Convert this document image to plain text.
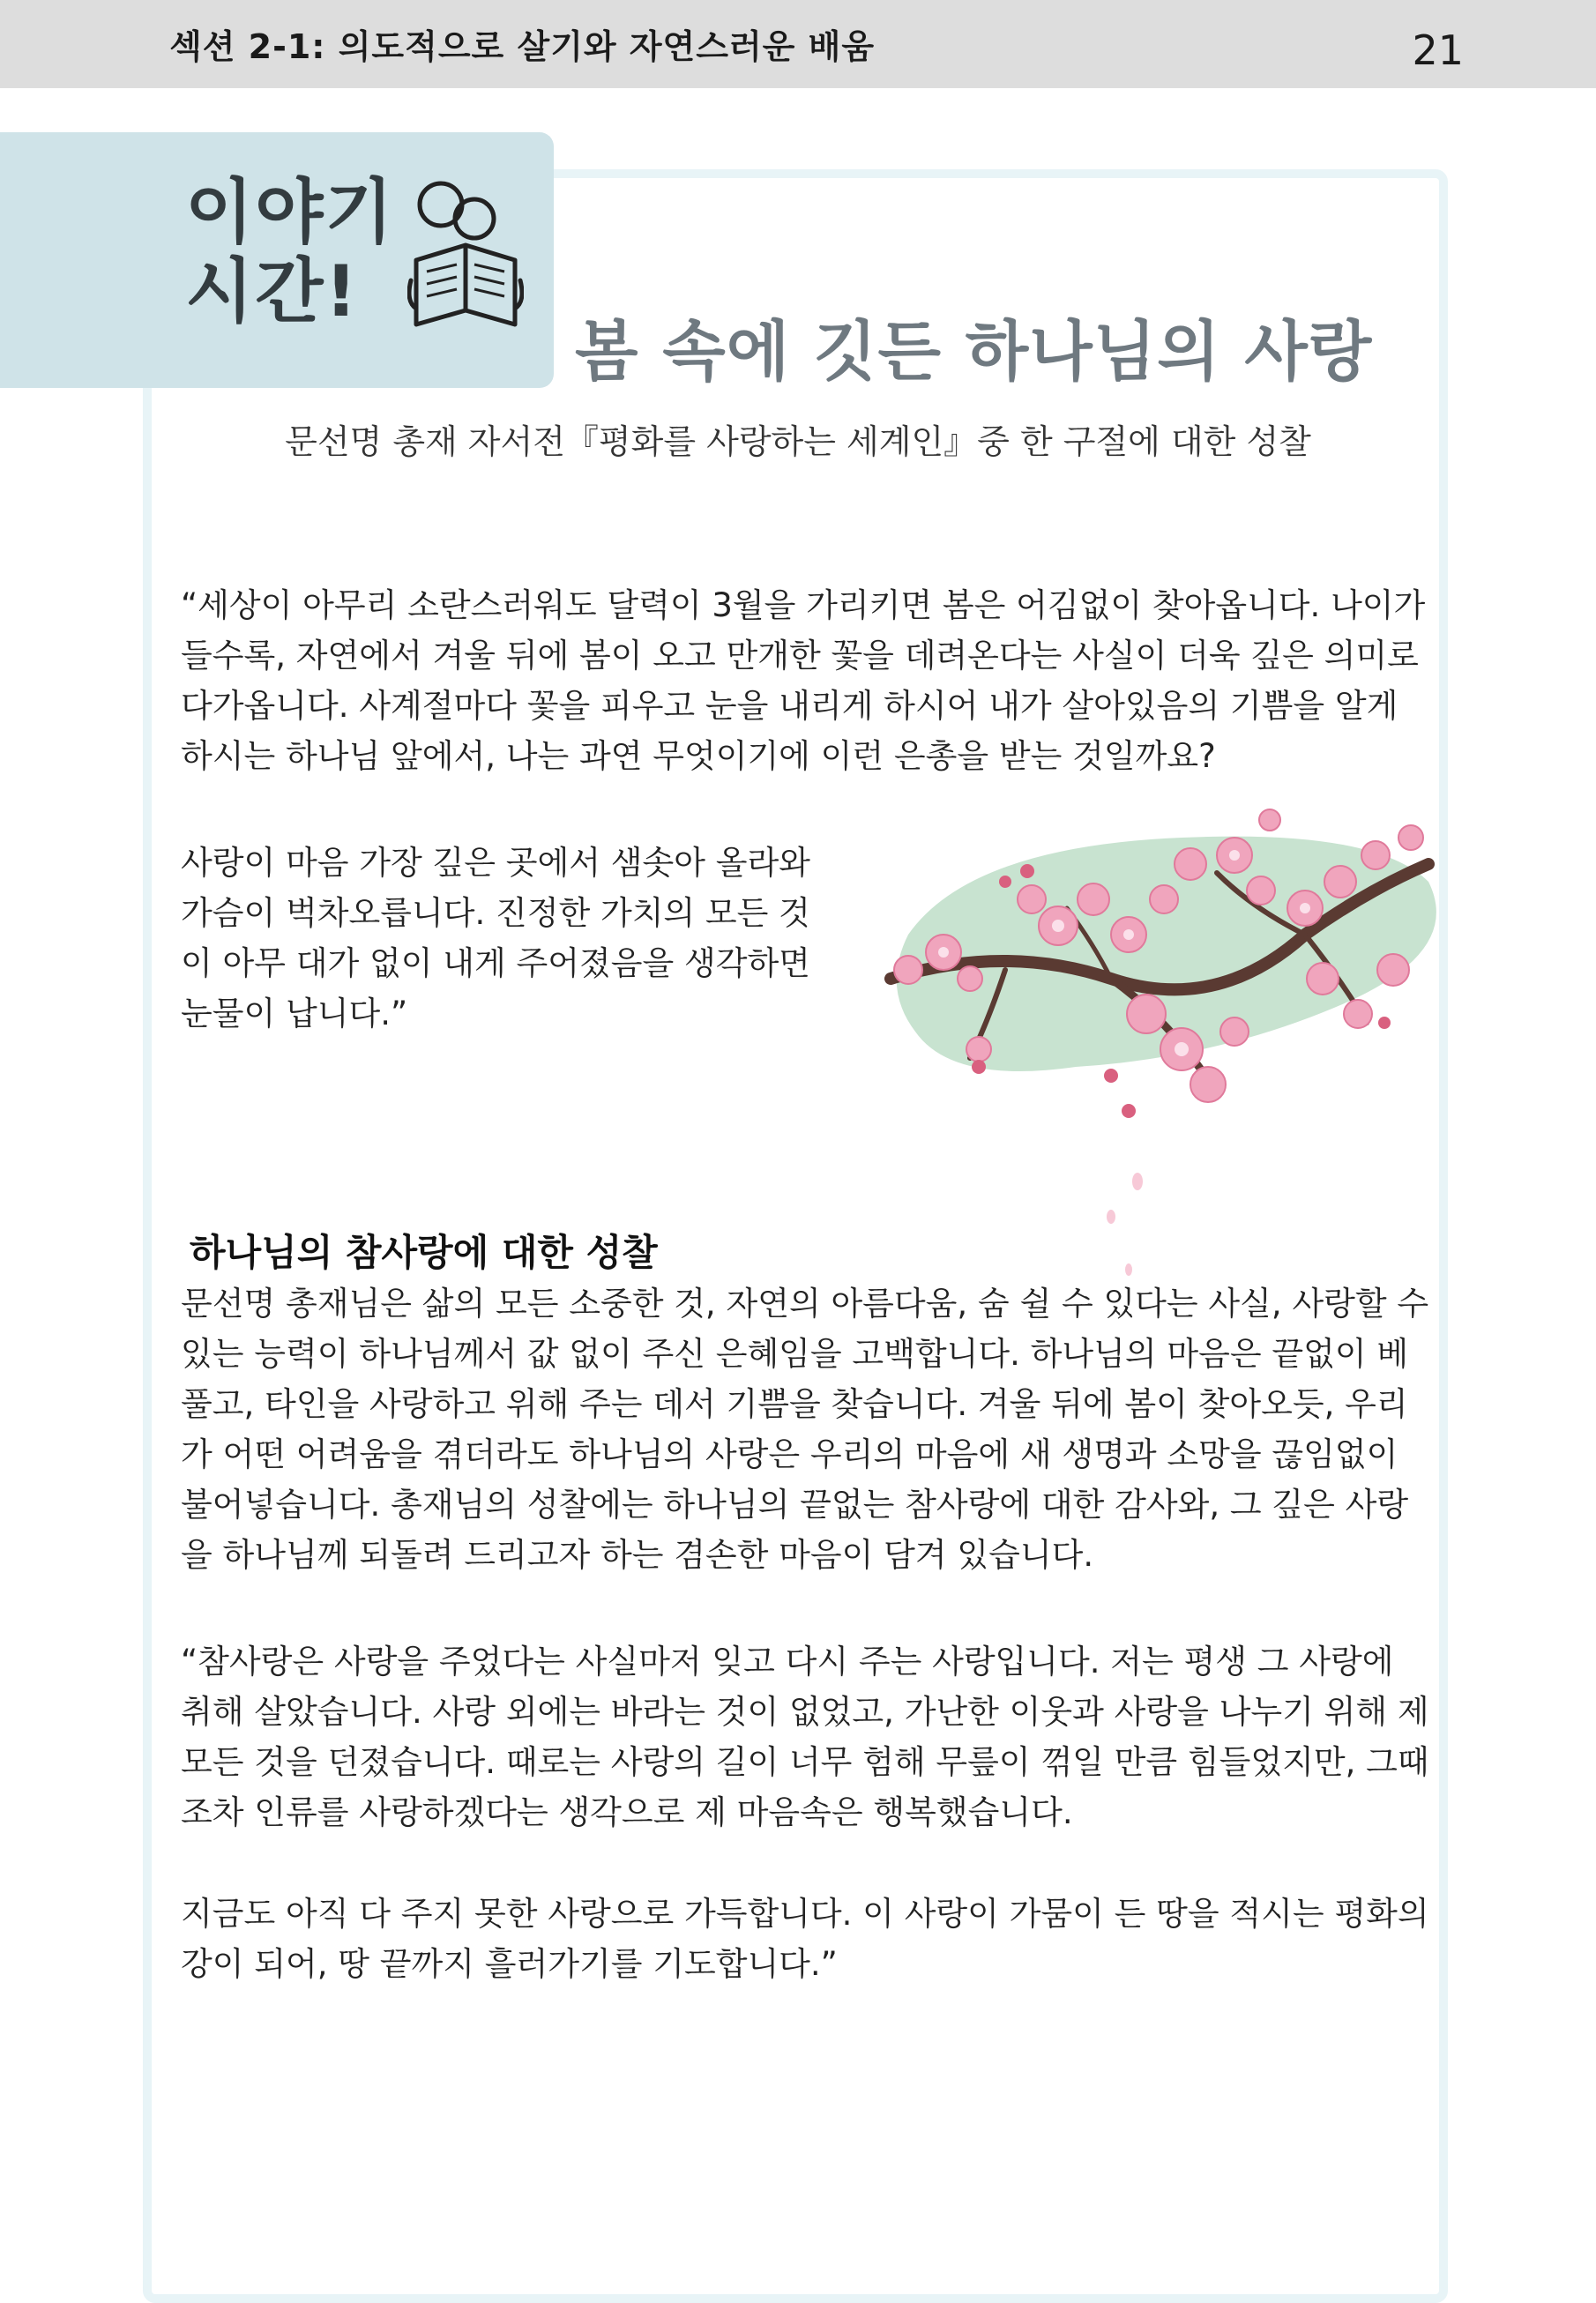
섹션 2-1: 의도적으로 살기와 자연스러운 배움	21
이야기
시간!
봄 속에 깃든 하나님의 사랑
문선명 총재 자서전『평화를 사랑하는 세계인』중 한 구절에 대한 성찰

“세상이 아무리 소란스러워도 달력이 3월을 가리키면 봄은 어김없이 찾아옵니다. 나이가 들수록, 자연에서 겨울 뒤에 봄이 오고 만개한 꽃을 데려온다는 사실이 더욱 깊은 의미로 다가옵니다. 사계절마다 꽃을 피우고 눈을 내리게 하시어 내가 살아있음의 기쁨을 알게 하시는 하나님 앞에서, 나는 과연 무엇이기에 이런 은총을 받는 것일까요?

사랑이 마음 가장 깊은 곳에서 샘솟아 올라와 가슴이 벅차오릅니다. 진정한 가치의 모든 것이 아무 대가 없이 내게 주어졌음을 생각하면 눈물이 납니다.”

하나님의 참사랑에 대한 성찰

문선명 총재님은 삶의 모든 소중한 것, 자연의 아름다움, 숨 쉴 수 있다는 사실, 사랑할 수 있는 능력이 하나님께서 값 없이 주신 은혜임을 고백합니다. 하나님의 마음은 끝없이 베풀고, 타인을 사랑하고 위해 주는 데서 기쁨을 찾습니다. 겨울 뒤에 봄이 찾아오듯, 우리가 어떤 어려움을 겪더라도 하나님의 사랑은 우리의 마음에 새 생명과 소망을 끊임없이 불어넣습니다. 총재님의 성찰에는 하나님의 끝없는 참사랑에 대한 감사와, 그 깊은 사랑을 하나님께 되돌려 드리고자 하는 겸손한 마음이 담겨 있습니다.

“참사랑은 사랑을 주었다는 사실마저 잊고 다시 주는 사랑입니다. 저는 평생 그 사랑에 취해 살았습니다. 사랑 외에는 바라는 것이 없었고, 가난한 이웃과 사랑을 나누기 위해 제 모든 것을 던졌습니다. 때로는 사랑의 길이 너무 험해 무릎이 꺾일 만큼 힘들었지만, 그때조차 인류를 사랑하겠다는 생각으로 제 마음속은 행복했습니다.

지금도 아직 다 주지 못한 사랑으로 가득합니다. 이 사랑이 가뭄이 든 땅을 적시는 평화의 강이 되어, 땅 끝까지 흘러가기를 기도합니다.”
